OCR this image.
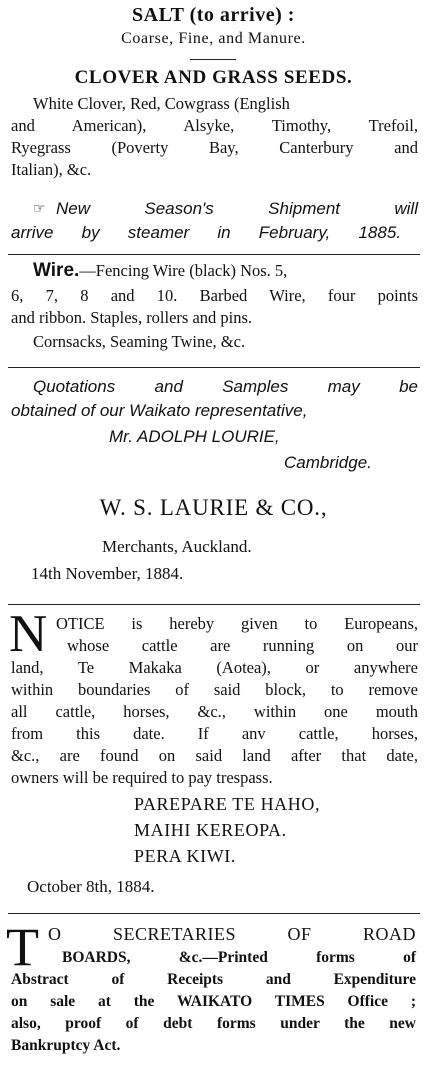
SALT (to arrive) :
Coarse, Fine, and Manure.
CLOVER AND GRASS SEEDS.
White Clover, Red, Cowgrass (English
and American), Alsyke, Timothy, Trefoil,
Ryegrass (Poverty Bay, Canterbury and
Italian), &c.
☞ New Season's Shipment will
arrive by steamer in February, 1885.
Wire.—Fencing Wire (black) Nos. 5,
6, 7, 8 and 10. Barbed Wire, four points
and ribbon. Staples, rollers and pins.
Cornsacks, Seaming Twine, &c.
Quotations and Samples may be
obtained of our Waikato representative,
Mr. ADOLPH LOURIE,
Cambridge.
W. S. LAURIE & CO.,
Merchants, Auckland.
14th November, 1884.
N OTICE is hereby given to Europeans,
whose cattle are running on our
land, Te Makaka (Aotea), or anywhere
within boundaries of said block, to remove
all cattle, horses, &c., within one mouth
from this date. If anv cattle, horses,
&c., are found on said land after that date,
owners will be required to pay trespass.
PAREPARE TE HAHO,
MAIHI KEREOPA.
PERA KIWI.
October 8th, 1884.
T O SECRETARIES OF ROAD
BOARDS, &c.—Printed forms of
Abstract of Receipts and Expenditure
on sale at the WAIKATO TIMES Office ;
also, proof of debt forms under the new
Bankruptcy Act.
